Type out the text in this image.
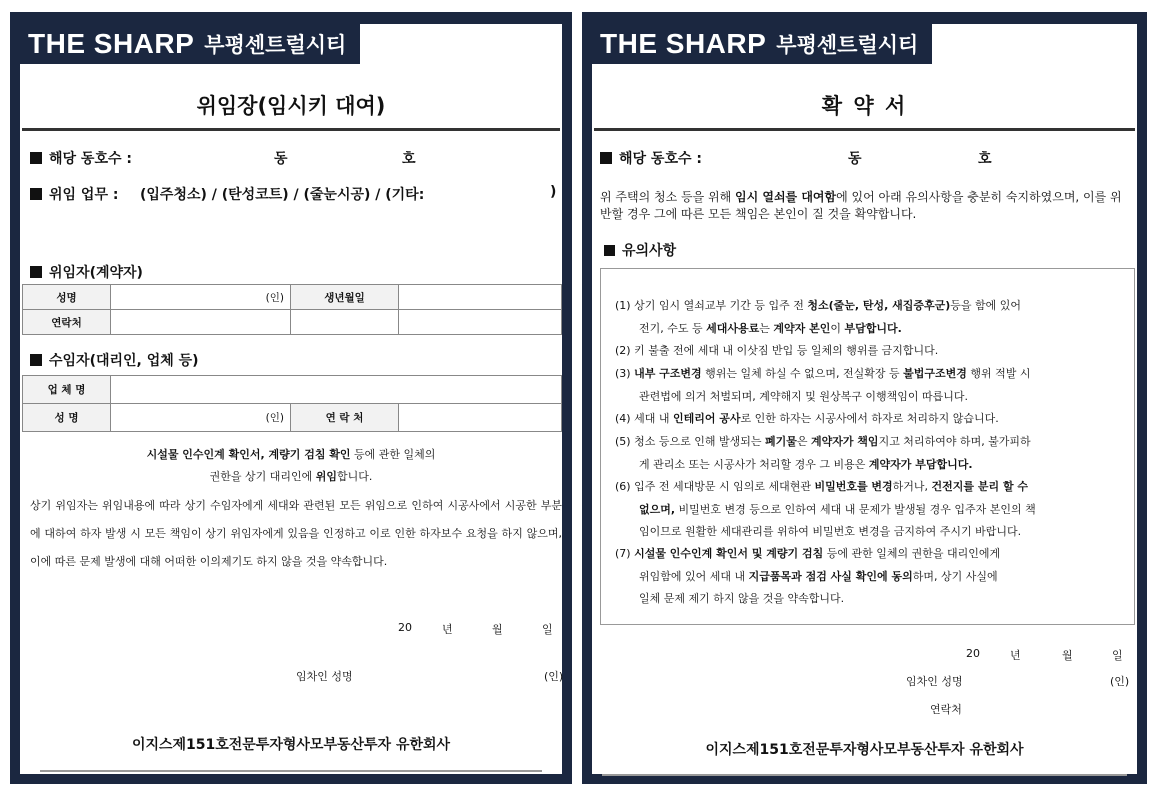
THE SHARP 부평센트럴시티
위임장(임시키 대여)
해당 동호수 :	동	호
위임 업무 : (입주청소) / (탄성코트) / (줄눈시공) / (기타:	)
위임자(계약자)
성명	(인)	생년월일	
연락처			
수임자(대리인, 업체 등)
업 체 명			
성 명	(인)	연 락 처	
시설물 인수인계 확인서, 계량기 검침 확인 등에 관한 일체의
권한을 상기 대리인에 위임합니다.
상기 위임자는 위임내용에 따라 상기 수임자에게 세대와 관련된 모든 위임으로 인하여 시공사에서 시공한 부분에 대하여 하자 발생 시 모든 책임이 상기 위임자에게 있음을 인정하고 이로 인한 하자보수 요청을 하지 않으며, 이에 따른 문제 발생에 대해 어떠한 이의제기도 하지 않을 것을 약속합니다.
20	년	월	일
임차인 성명	(인)
이지스제151호전문투자형사모부동산투자 유한회사
THE SHARP 부평센트럴시티
확 약 서
해당 동호수 :	동	호
위 주택의 청소 등을 위해 임시 열쇠를 대여함에 있어 아래 유의사항을 충분히 숙지하였으며, 이를 위반할 경우 그에 따른 모든 책임은 본인이 질 것을 확약합니다.
유의사항
(1) 상기 임시 열쇠교부 기간 등 입주 전 청소(줄눈, 탄성, 새집증후군)등을 함에 있어
전기, 수도 등 세대사용료는 계약자 본인이 부담합니다.
(2) 키 불출 전에 세대 내 이삿짐 반입 등 일체의 행위를 금지합니다.
(3) 내부 구조변경 행위는 일체 하실 수 없으며, 전실확장 등 불법구조변경 행위 적발 시
관련법에 의거 처벌되며, 계약해지 및 원상복구 이행책임이 따릅니다.
(4) 세대 내 인테리어 공사로 인한 하자는 시공사에서 하자로 처리하지 않습니다.
(5) 청소 등으로 인해 발생되는 폐기물은 계약자가 책임지고 처리하여야 하며, 불가피하
게 관리소 또는 시공사가 처리할 경우 그 비용은 계약자가 부담합니다.
(6) 입주 전 세대방문 시 임의로 세대현관 비밀번호를 변경하거나, 건전지를 분리 할 수
없으며, 비밀번호 변경 등으로 인하여 세대 내 문제가 발생될 경우 입주자 본인의 책
임이므로 원활한 세대관리를 위하여 비밀번호 변경을 금지하여 주시기 바랍니다.
(7) 시설물 인수인계 확인서 및 계량기 검침 등에 관한 일체의 권한을 대리인에게
위임함에 있어 세대 내 지급품목과 점검 사실 확인에 동의하며, 상기 사실에
일체 문제 제기 하지 않을 것을 약속합니다.
20	년	월	일
임차인 성명	(인)
연락처
이지스제151호전문투자형사모부동산투자 유한회사
